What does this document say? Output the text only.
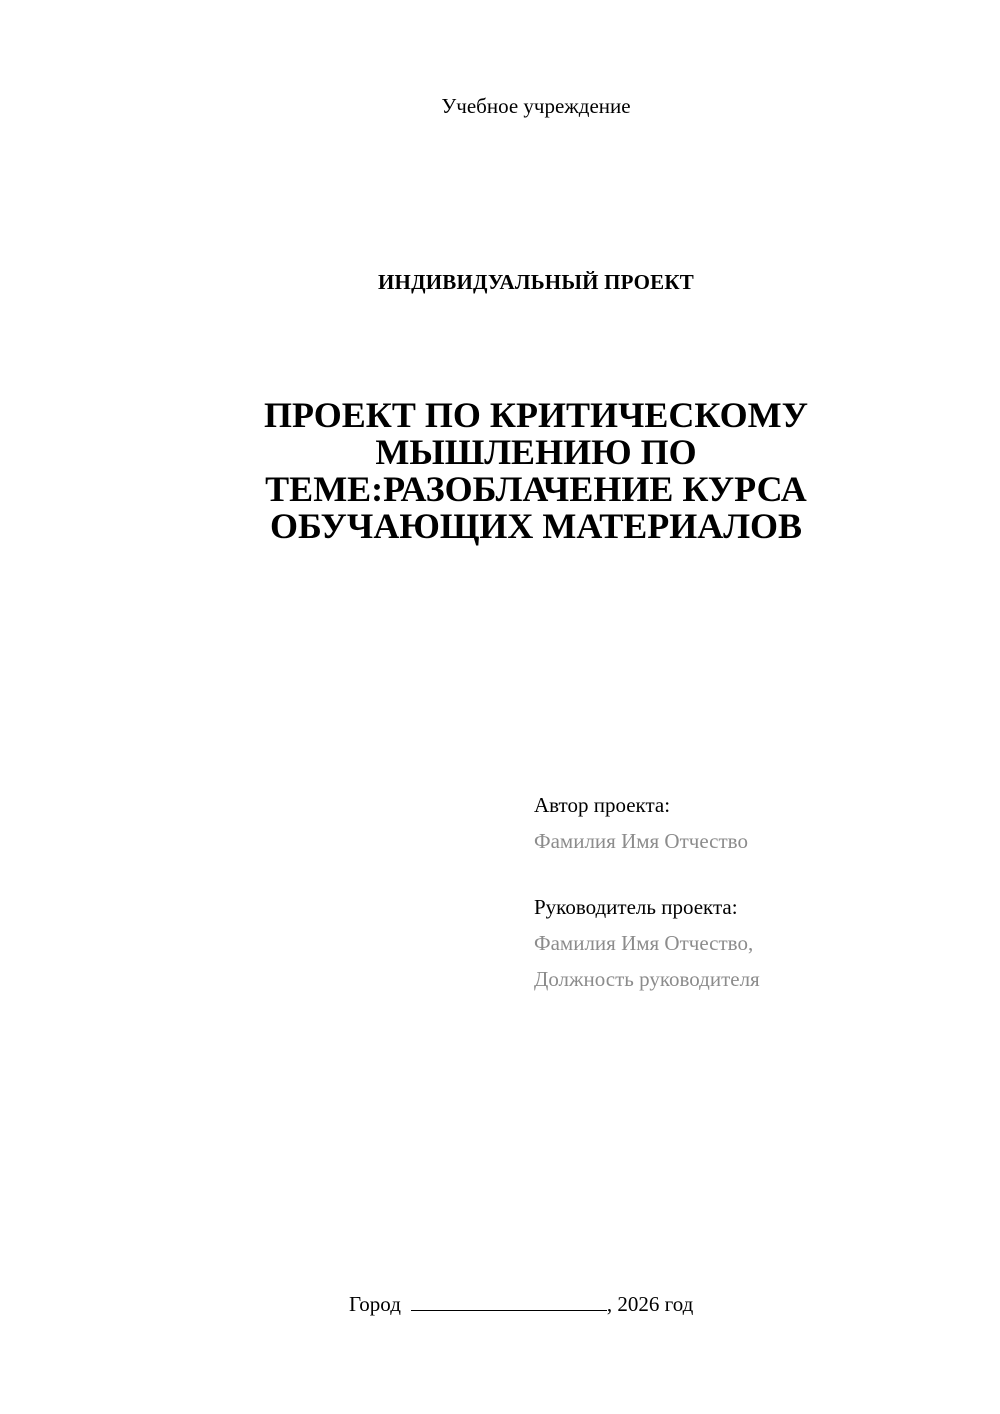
Учебное учреждение
ИНДИВИДУАЛЬНЫЙ ПРОЕКТ
ПРОЕКТ ПО КРИТИЧЕСКОМУ
МЫШЛЕНИЮ ПО
ТЕМЕ:РАЗОБЛАЧЕНИЕ КУРСА
ОБУЧАЮЩИХ МАТЕРИАЛОВ
Автор проекта:
Фамилия Имя Отчество
Руководитель проекта:
Фамилия Имя Отчество,
Должность руководителя
Город	, 2026 год
